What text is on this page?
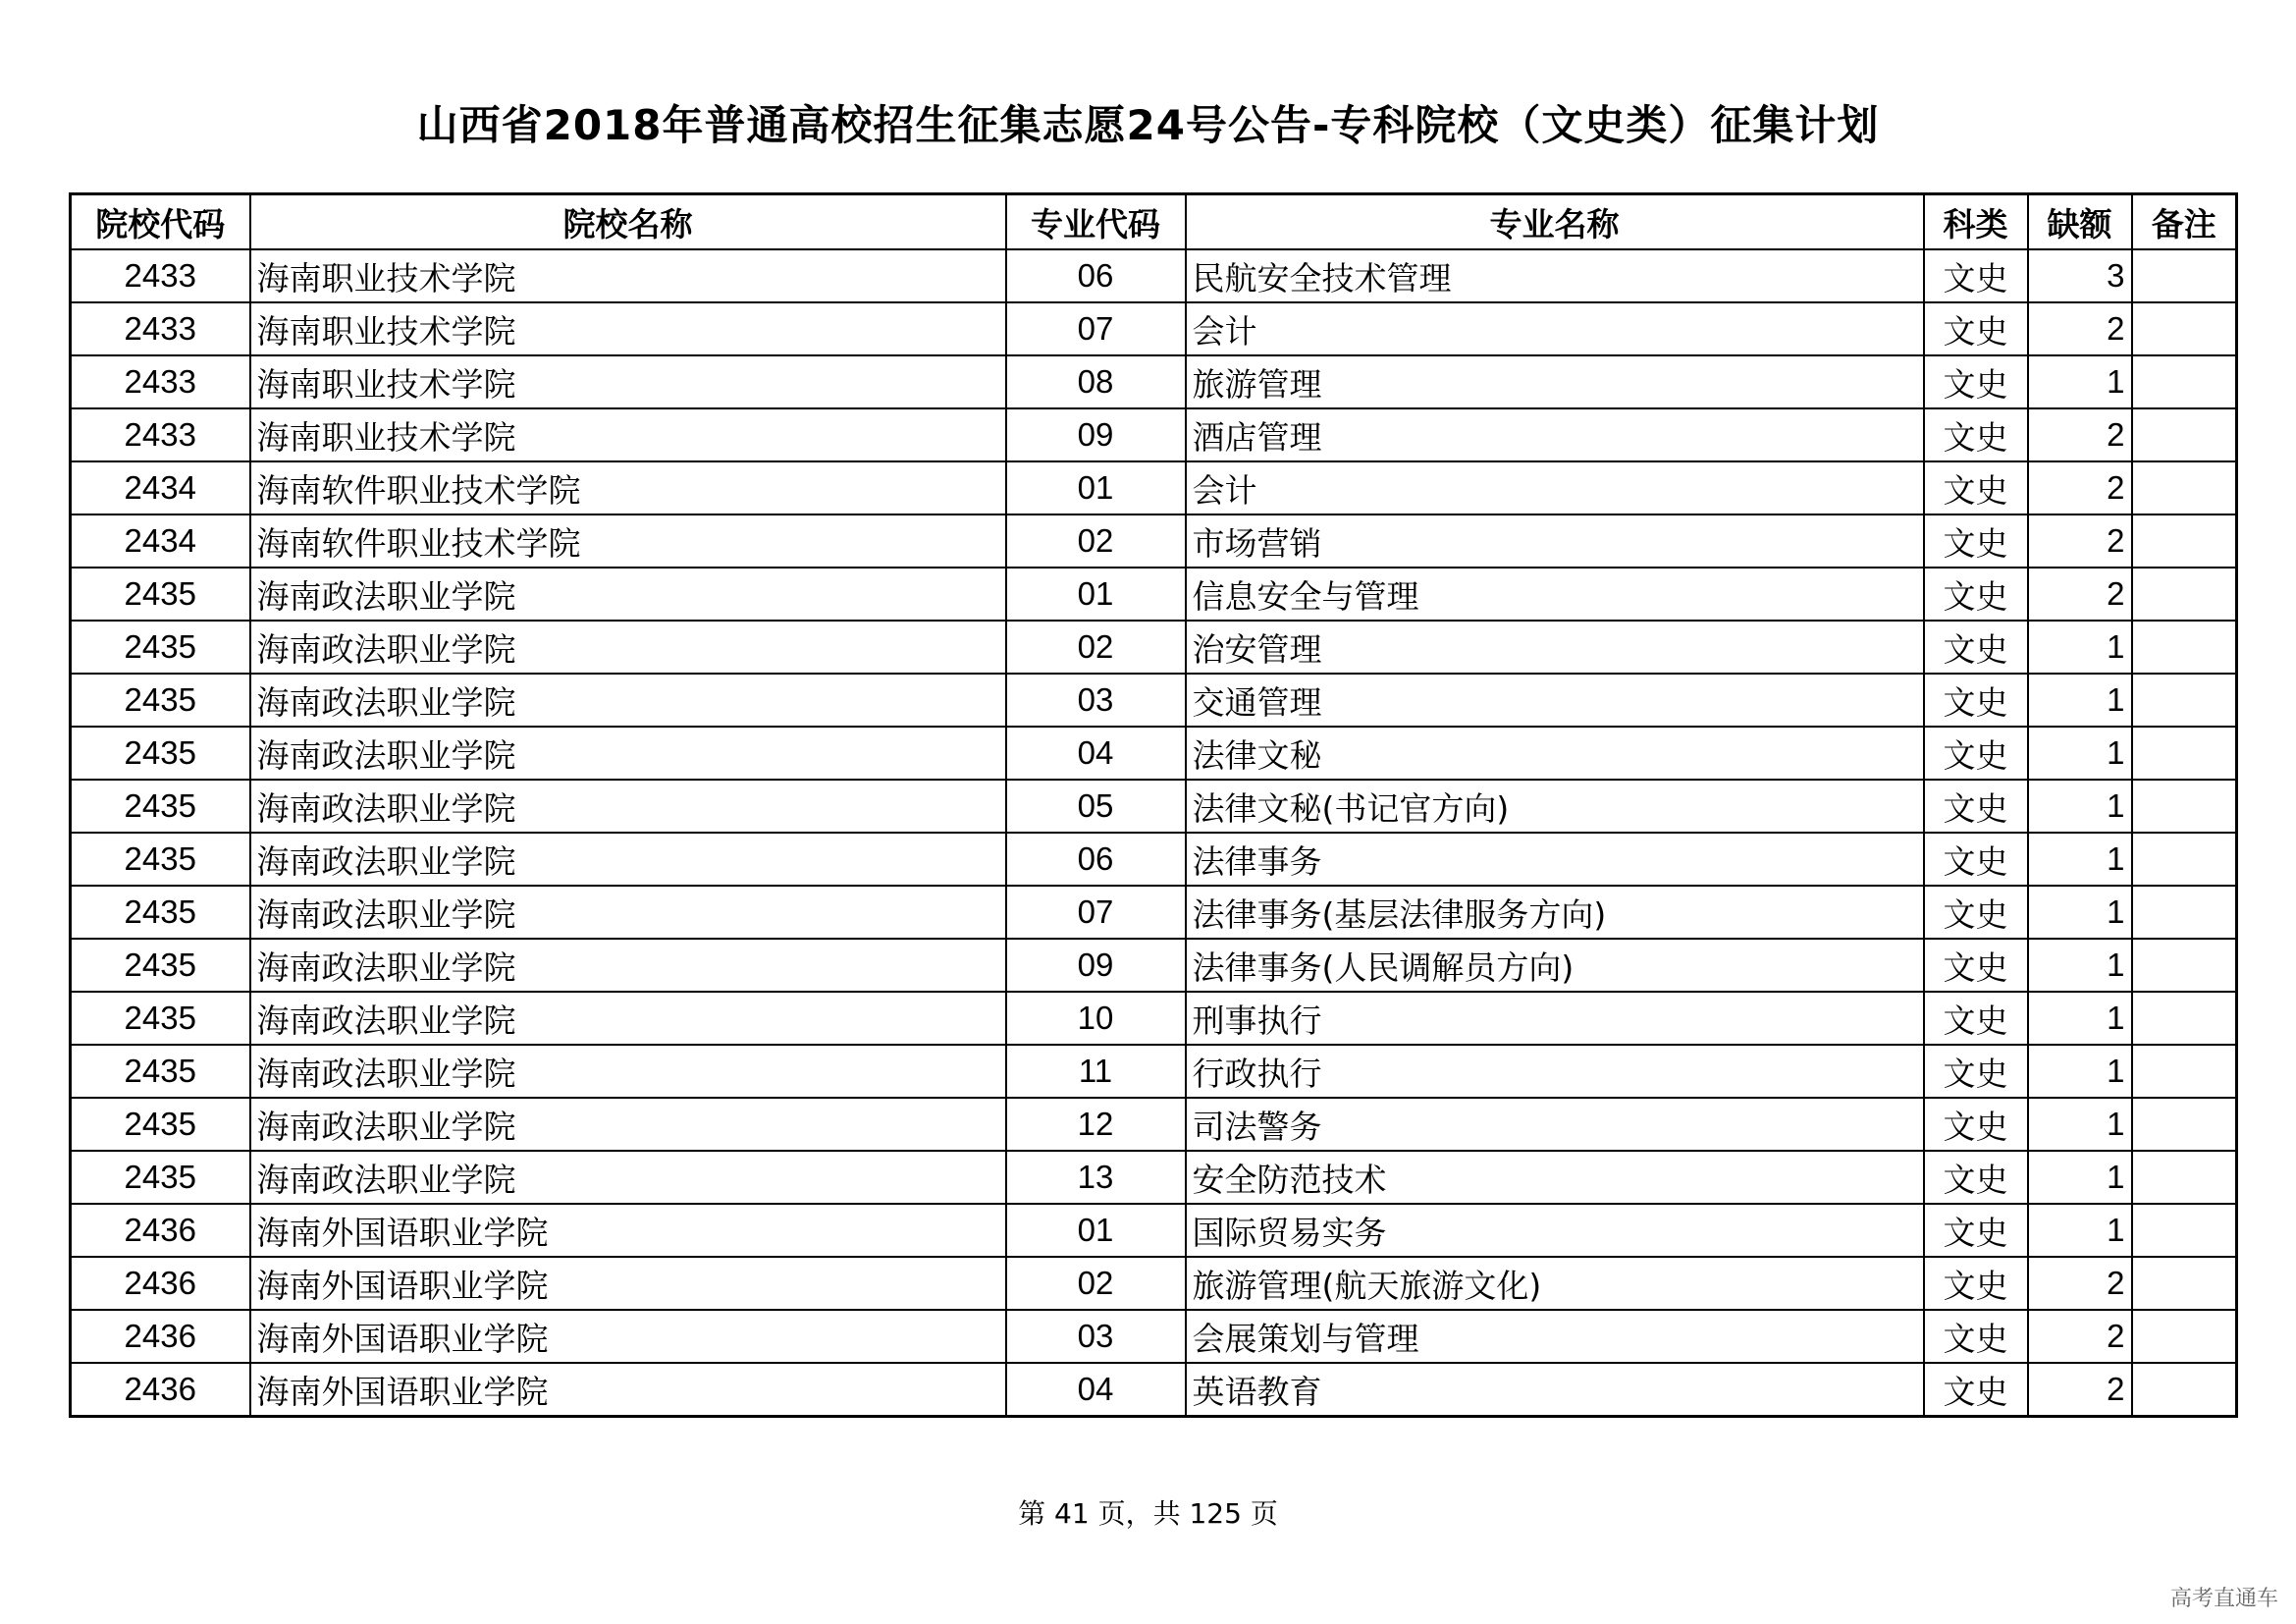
山西省2018年普通高校招生征集志愿24号公告-专科院校（文史类）征集计划
院校代码	院校名称	专业代码	专业名称	科类	缺额	备注
2433	海南职业技术学院	06	民航安全技术管理	文史	3	
2433	海南职业技术学院	07	会计	文史	2	
2433	海南职业技术学院	08	旅游管理	文史	1	
2433	海南职业技术学院	09	酒店管理	文史	2	
2434	海南软件职业技术学院	01	会计	文史	2	
2434	海南软件职业技术学院	02	市场营销	文史	2	
2435	海南政法职业学院	01	信息安全与管理	文史	2	
2435	海南政法职业学院	02	治安管理	文史	1	
2435	海南政法职业学院	03	交通管理	文史	1	
2435	海南政法职业学院	04	法律文秘	文史	1	
2435	海南政法职业学院	05	法律文秘(书记官方向)	文史	1	
2435	海南政法职业学院	06	法律事务	文史	1	
2435	海南政法职业学院	07	法律事务(基层法律服务方向)	文史	1	
2435	海南政法职业学院	09	法律事务(人民调解员方向)	文史	1	
2435	海南政法职业学院	10	刑事执行	文史	1	
2435	海南政法职业学院	11	行政执行	文史	1	
2435	海南政法职业学院	12	司法警务	文史	1	
2435	海南政法职业学院	13	安全防范技术	文史	1	
2436	海南外国语职业学院	01	国际贸易实务	文史	1	
2436	海南外国语职业学院	02	旅游管理(航天旅游文化)	文史	2	
2436	海南外国语职业学院	03	会展策划与管理	文史	2	
2436	海南外国语职业学院	04	英语教育	文史	2	
第 41 页，共 125 页
高考直通车
